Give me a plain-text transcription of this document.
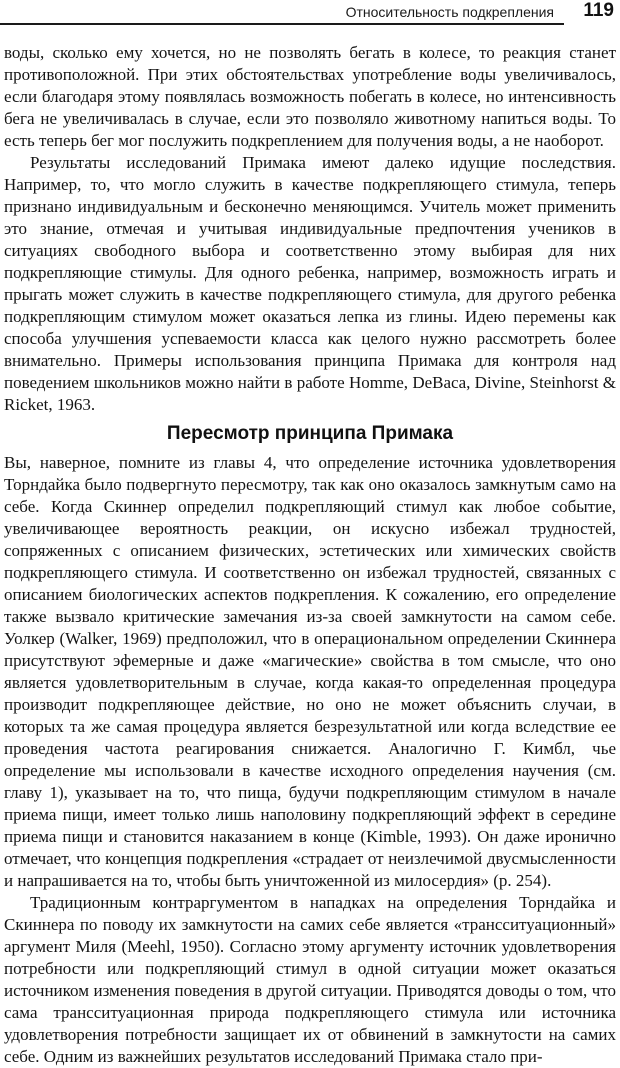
Относительность подкрепления 119

воды, сколько ему хочется, но не позволять бегать в колесе, то реакция станет противоположной. При этих обстоятельствах употребление воды увеличивалось, если благодаря этому появлялась возможность побегать в колесе, но интенсивность бега не увеличивалась в случае, если это позволяло животному напиться воды. То есть теперь бег мог послужить подкреплением для получения воды, а не наоборот.

Результаты исследований Примака имеют далеко идущие последствия. Например, то, что могло служить в качестве подкрепляющего стимула, теперь признано индивидуальным и бесконечно меняющимся. Учитель может применить это знание, отмечая и учитывая индивидуальные предпочтения учеников в ситуациях свободного выбора и соответственно этому выбирая для них подкрепляющие стимулы. Для одного ребенка, например, возможность играть и прыгать может служить в качестве подкрепляющего стимула, для другого ребенка подкрепляющим стимулом может оказаться лепка из глины. Идею перемены как способа улучшения успеваемости класса как целого нужно рассмотреть более внимательно. Примеры использования принципа Примака для контроля над поведением школьников можно найти в работе Homme, DeBaca, Divine, Steinhorst & Ricket, 1963.

Пересмотр принципа Примака

Вы, наверное, помните из главы 4, что определение источника удовлетворения Торндайка было подвергнуто пересмотру, так как оно оказалось замкнутым само на себе. Когда Скиннер определил подкрепляющий стимул как любое событие, увеличивающее вероятность реакции, он искусно избежал трудностей, сопряженных с описанием физических, эстетических или химических свойств подкрепляющего стимула. И соответственно он избежал трудностей, связанных с описанием биологических аспектов подкрепления. К сожалению, его определение также вызвало критические замечания из-за своей замкнутости на самом себе. Уолкер (Walker, 1969) предположил, что в операциональном определении Скиннера присутствуют эфемерные и даже «магические» свойства в том смысле, что оно является удовлетворительным в случае, когда какая-то определенная процедура производит подкрепляющее действие, но оно не может объяснить случаи, в которых та же самая процедура является безрезультатной или когда вследствие ее проведения частота реагирования снижается. Аналогично Г. Кимбл, чье определение мы использовали в качестве исходного определения научения (см. главу 1), указывает на то, что пища, будучи подкрепляющим стимулом в начале приема пищи, имеет только лишь наполовину подкрепляющий эффект в середине приема пищи и становится наказанием в конце (Kimble, 1993). Он даже иронично отмечает, что концепция подкрепления «страдает от неизлечимой двусмысленности и напрашивается на то, чтобы быть уничтоженной из милосердия» (p. 254).

Традиционным контраргументом в нападках на определения Торндайка и Скиннера по поводу их замкнутости на самих себе является «трансситуационный» аргумент Миля (Meehl, 1950). Согласно этому аргументу источник удовлетворения потребности или подкрепляющий стимул в одной ситуации может оказаться источником изменения поведения в другой ситуации. Приводятся доводы о том, что сама трансситуационная природа подкрепляющего стимула или источника удовлетворения потребности защищает их от обвинений в замкнутости на самих себе. Одним из важнейших результатов исследований Примака стало при-
